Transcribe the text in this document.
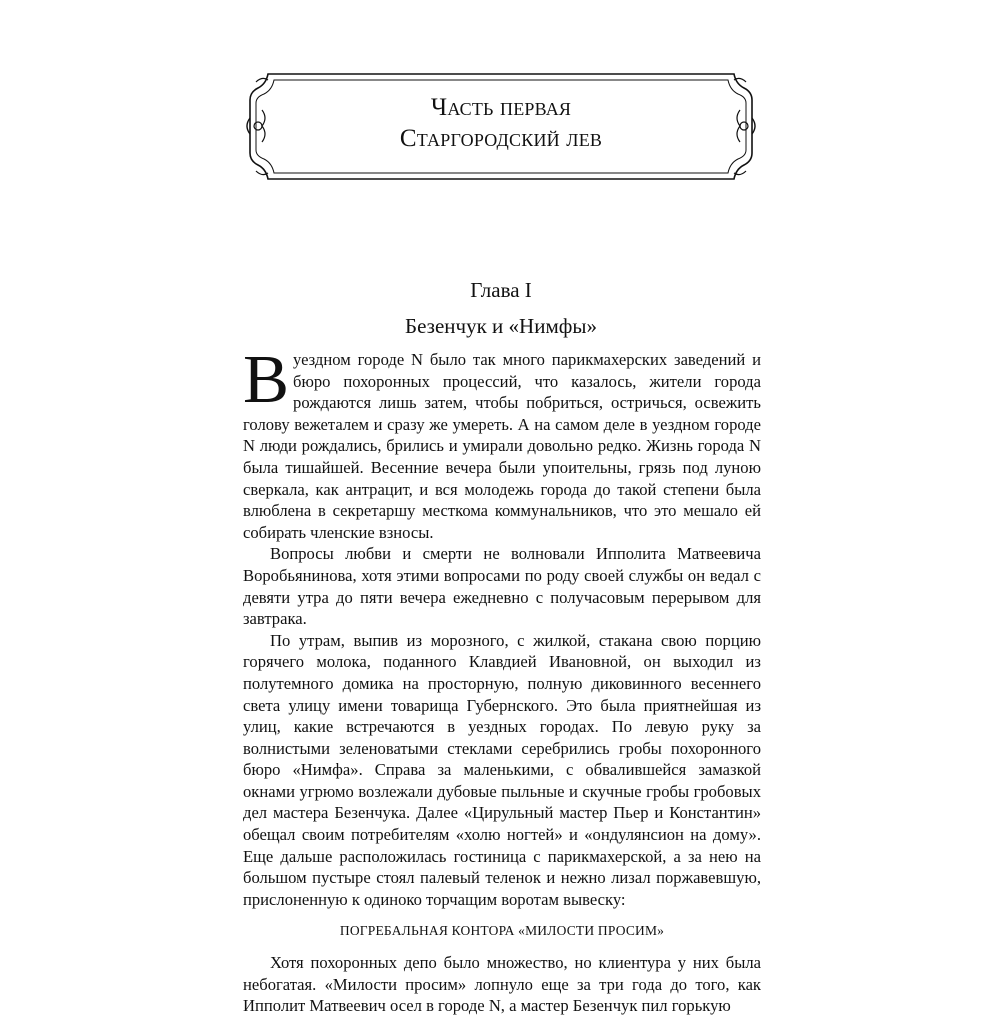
Часть первая
Старгородский лев
Глава I
Безенчук и «Нимфы»

В уездном городе N было так много парикмахерских заведений и бюро похоронных процессий, что казалось, жители города рождаются лишь затем, чтобы побриться, остричься, освежить голову вежеталем и сразу же умереть. А на самом деле в уездном городе N люди рождались, брились и умирали довольно редко. Жизнь города N была тишайшей. Весенние вечера были упоительны, грязь под луною сверкала, как антрацит, и вся молодежь города до такой степени была влюблена в секретаршу месткома коммунальников, что это мешало ей собирать членские взносы.

Вопросы любви и смерти не волновали Ипполита Матвеевича Воробьянинова, хотя этими вопросами по роду своей службы он ведал с девяти утра до пяти вечера ежедневно с получасовым перерывом для завтрака.

По утрам, выпив из морозного, с жилкой, стакана свою порцию горячего молока, поданного Клавдией Ивановной, он выходил из полутемного домика на просторную, полную диковинного весеннего света улицу имени товарища Губернского. Это была приятнейшая из улиц, какие встречаются в уездных городах. По левую руку за волнистыми зеленоватыми стеклами серебрились гробы похоронного бюро «Нимфа». Справа за маленькими, с обвалившейся замазкой окнами угрюмо возлежали дубовые пыльные и скучные гробы гробовых дел мастера Безенчука. Далее «Цирульный мастер Пьер и Константин» обещал своим потребителям «холю ногтей» и «ондулянсион на дому». Еще дальше расположилась гостиница с парикмахерской, а за нею на большом пустыре стоял палевый теленок и нежно лизал поржавевшую, прислоненную к одиноко торчащим воротам вывеску:

ПОГРЕБАЛЬНАЯ КОНТОРА «МИЛОСТИ ПРОСИМ»

Хотя похоронных депо было множество, но клиентура у них была небогатая. «Милости просим» лопнуло еще за три года до того, как Ипполит Матвеевич осел в городе N, а мастер Безенчук пил горькую
